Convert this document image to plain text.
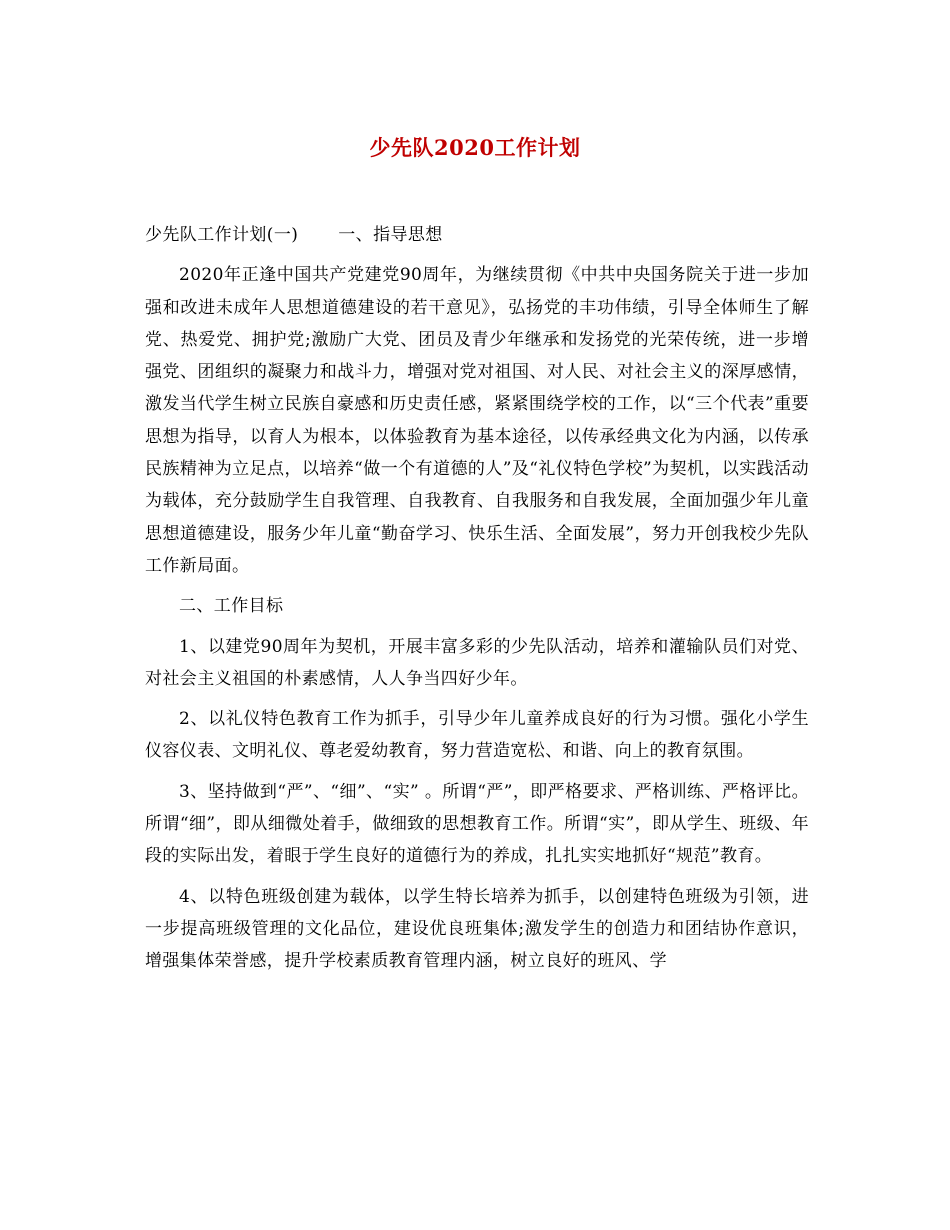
少先队2020工作计划

少先队工作计划(一) 一、指导思想

2020年正逢中国共产党建党90周年，为继续贯彻《中共中央国务院关于进一步加强和改进未成年人思想道德建设的若干意见》，弘扬党的丰功伟绩，引导全体师生了解党、热爱党、拥护党;激励广大党、团员及青少年继承和发扬党的光荣传统，进一步增强党、团组织的凝聚力和战斗力，增强对党对祖国、对人民、对社会主义的深厚感情，激发当代学生树立民族自豪感和历史责任感，紧紧围绕学校的工作，以“三个代表”重要思想为指导，以育人为根本，以体验教育为基本途径，以传承经典文化为内涵，以传承民族精神为立足点，以培养“做一个有道德的人”及“礼仪特色学校”为契机，以实践活动为载体，充分鼓励学生自我管理、自我教育、自我服务和自我发展，全面加强少年儿童思想道德建设，服务少年儿童“勤奋学习、快乐生活、全面发展”，努力开创我校少先队工作新局面。

二、工作目标

1、以建党90周年为契机，开展丰富多彩的少先队活动，培养和灌输队员们对党、对社会主义祖国的朴素感情，人人争当四好少年。

2、以礼仪特色教育工作为抓手，引导少年儿童养成良好的行为习惯。强化小学生仪容仪表、文明礼仪、尊老爱幼教育，努力营造宽松、和谐、向上的教育氛围。

3、坚持做到“严”、“细”、“实” 。所谓“严”，即严格要求、严格训练、严格评比。所谓“细”，即从细微处着手，做细致的思想教育工作。所谓“实”，即从学生、班级、年段的实际出发，着眼于学生良好的道德行为的养成，扎扎实实地抓好“规范”教育。

4、以特色班级创建为载体，以学生特长培养为抓手，以创建特色班级为引领，进一步提高班级管理的文化品位，建设优良班集体;激发学生的创造力和团结协作意识，增强集体荣誉感，提升学校素质教育管理内涵，树立良好的班风、学
